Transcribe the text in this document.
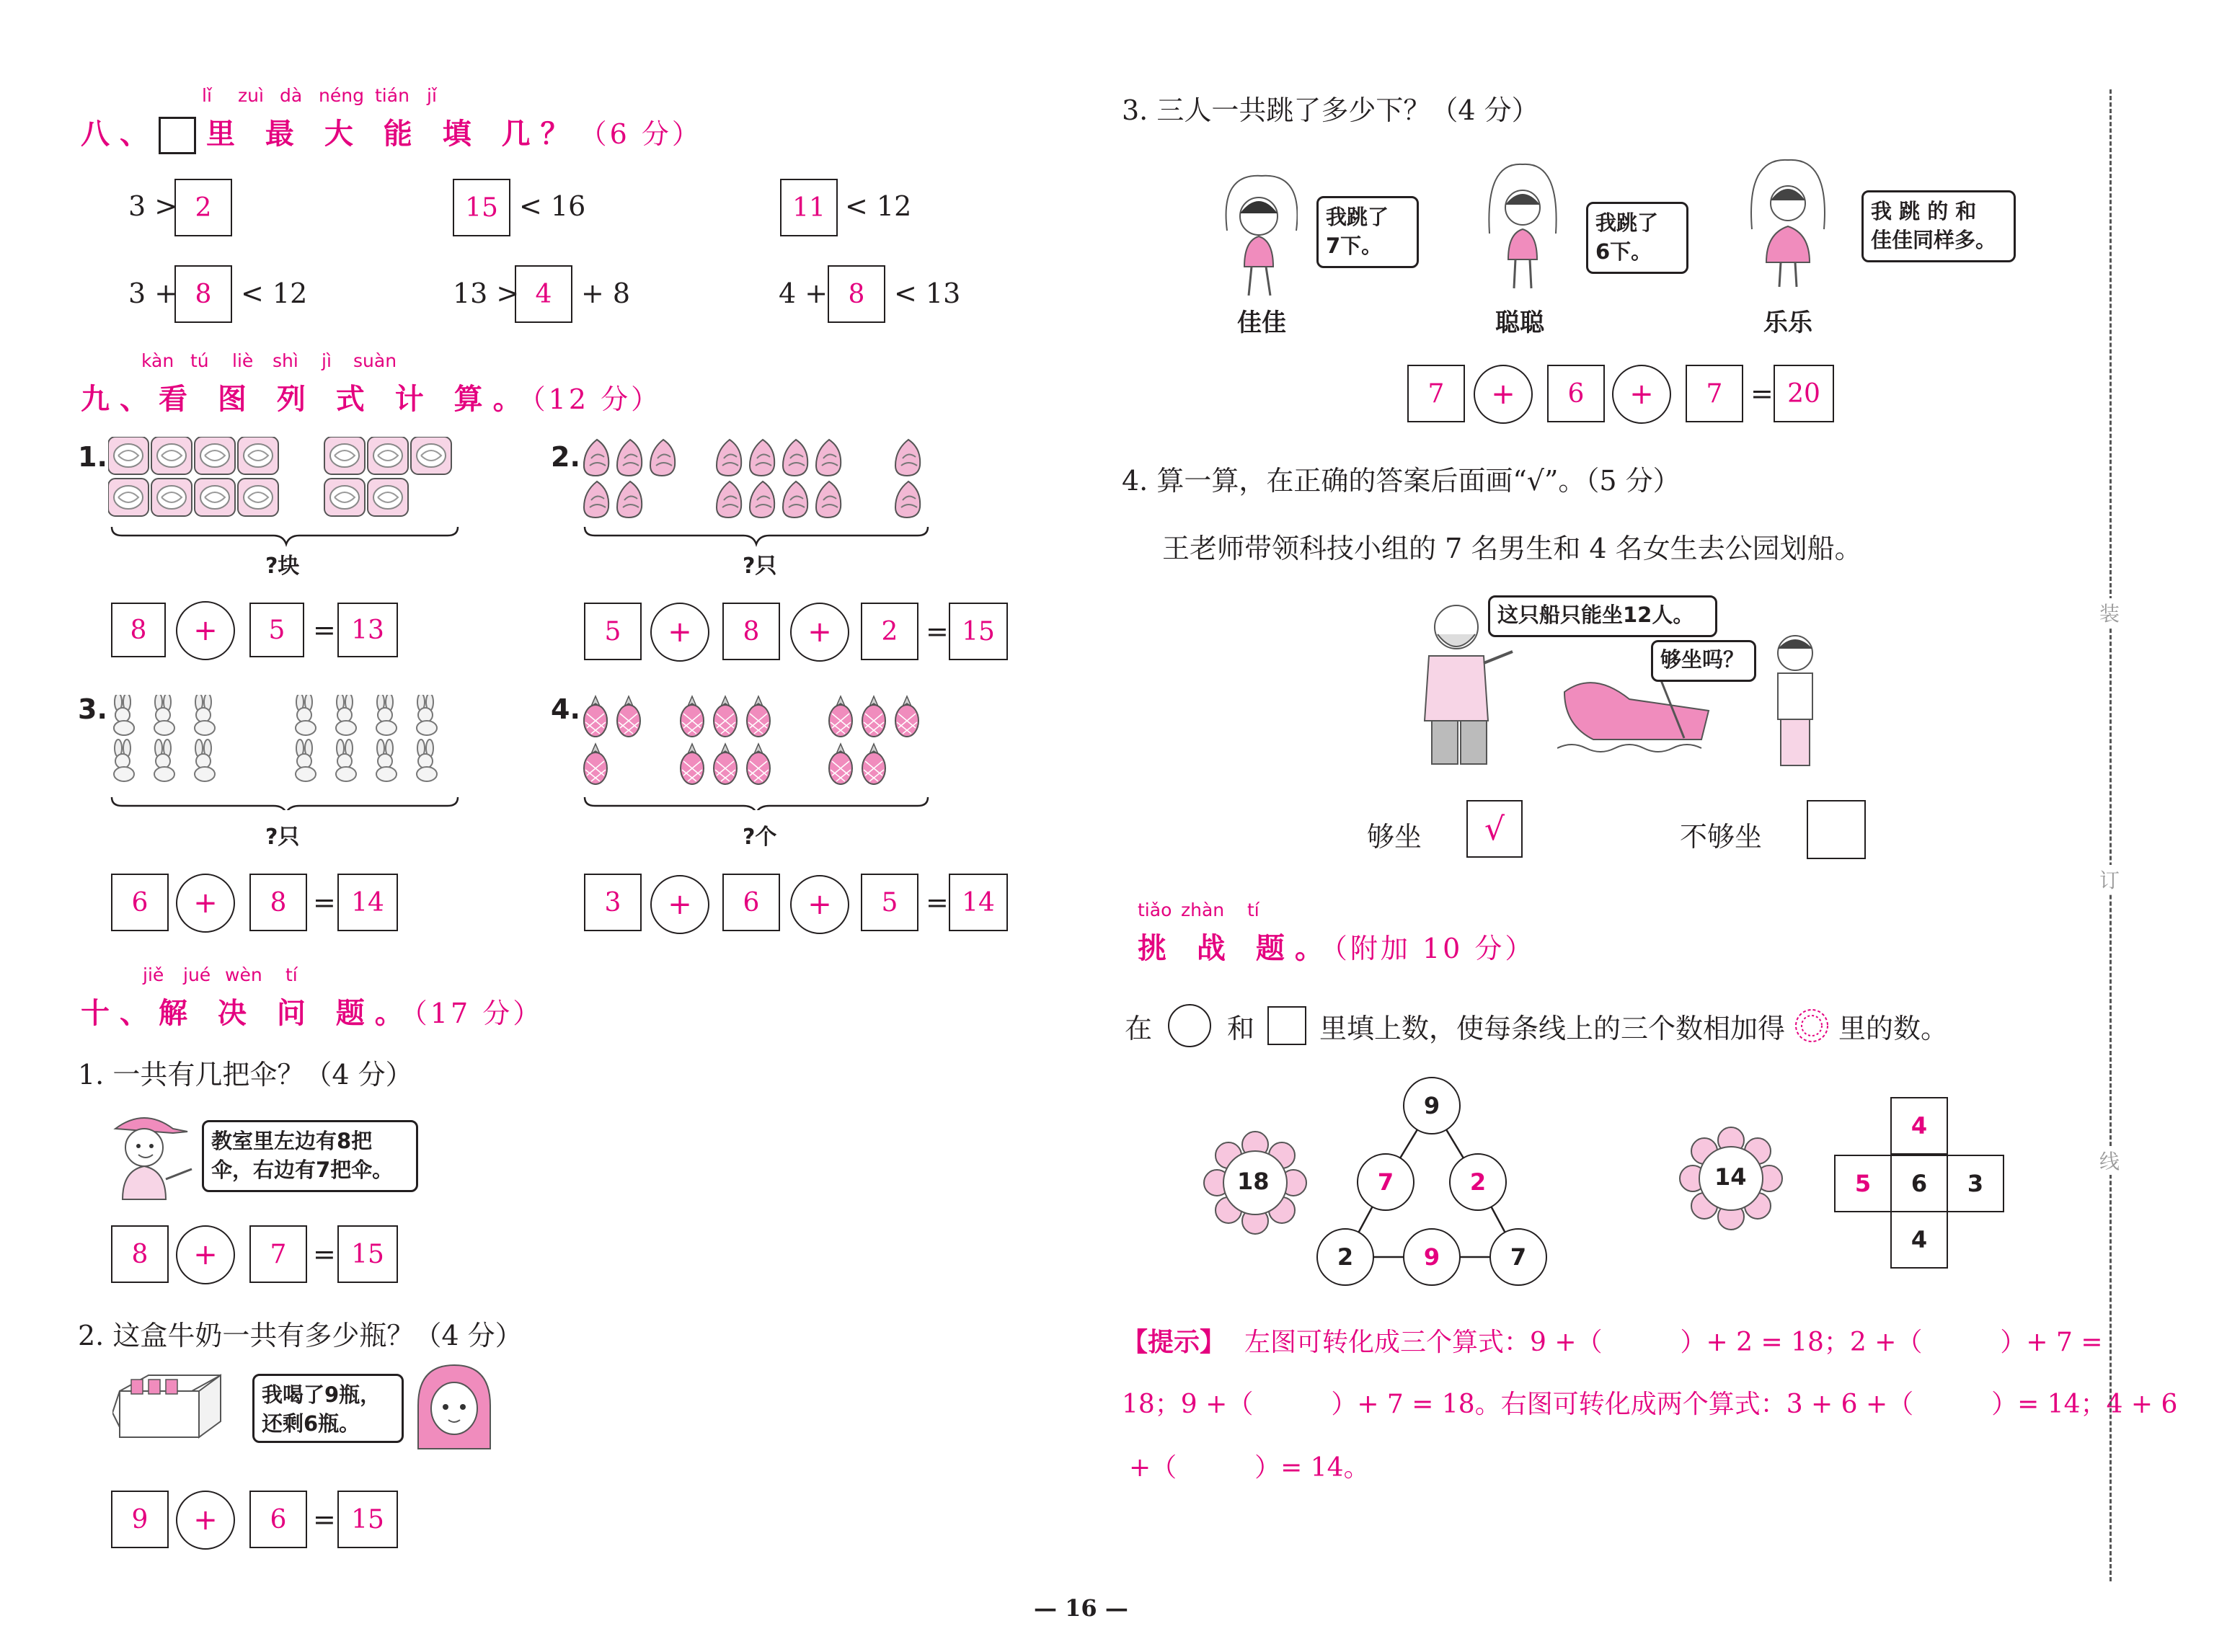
lǐ zuì dà néng tián jǐ
八、 里 最 大 能 填 几？（6 分）
3 > 2	15 < 16	11 < 12
3 + 8	< 12	13 > 4	+ 8	4 + 8	< 13
kàn tú liè shì jì suàn
九、看 图 列 式 计 算。（12 分）
1.
?块
8	+	5	= 13
2.
?只
5	+	8	+	2	= 15
3.
?只
6	+	8 = 14
4.
?个
3	+	6	+	5	= 14
jiě jué wèn tí
十、解 决 问 题。（17 分）
1. 一共有几把伞？（4 分）
教室里左边有8把
伞，右边有7把伞。
8	+	7 = 15
2. 这盒牛奶一共有多少瓶？（4 分）
我喝了9瓶，
还剩6瓶。
9	+	6 = 15
3. 三人一共跳了多少下？（4 分）
我跳了
7下。
佳佳
我跳了
6下。
聪聪
我 跳 的 和
佳佳同样多。
乐乐
7	+	6	+	7	= 20
4. 算一算，在正确的答案后面画“√”。（5 分）
王老师带领科技小组的 7 名男生和 4 名女生去公园划船。
这只船只能坐12人。
够坐吗？
够坐	√	不够坐
tiǎo zhàn tí
挑 战 题。（附加 10 分）
在	和 里填上数，使每条线上的三个数相加得 里的数。
18
9
7	2
2	9	7
14
4
5	6	3
4
【提示】 左图可转化成三个算式：9 +（　　　）+ 2 = 18；2 +（　　　）+ 7 =
18；9 +（　　　）+ 7 = 18。右图可转化成两个算式：3 + 6 +（　　　）= 14；4 + 6
+（　　　）= 14。
装
订
线
— 16 —
